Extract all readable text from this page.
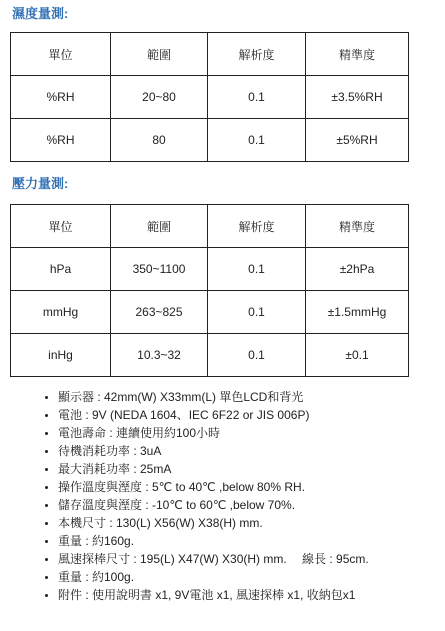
濕度量測:
單位	範圍	解析度	精準度
%RH	20~80	0.1	±3.5%RH
%RH	80	0.1	±5%RH
壓力量測:
單位	範圍	解析度	精準度
hPa	350~1100	0.1	±2hPa
mmHg	263~825	0.1	±1.5mmHg
inHg	10.3~32	0.1	±0.1
• 顯示器 : 42mm(W) X33mm(L) 單色LCD和背光
• 電池 : 9V (NEDA 1604、IEC 6F22 or JIS 006P)
• 電池壽命 : 連續使用約100小時
• 待機消耗功率 : 3uA
• 最大消耗功率 : 25mA
• 操作溫度與溼度 : 5℃ to 40℃ ,below 80% RH.
• 儲存溫度與溼度 : -10℃ to 60℃ ,below 70%.
• 本機尺寸 : 130(L) X56(W) X38(H) mm.
• 重量 : 約160g.
• 風速探棒尺寸 : 195(L) X47(W) X30(H) mm.　 線長 : 95cm.
• 重量 : 約100g.
• 附件 : 使用說明書 x1, 9V電池 x1, 風速探棒 x1, 收納包x1
